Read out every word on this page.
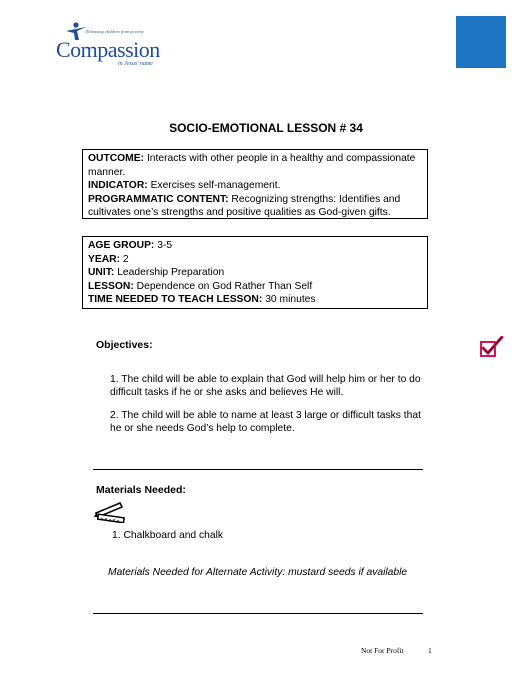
Releasing children from poverty
Compassion
in Jesus' name
SOCIO-EMOTIONAL LESSON # 34

OUTCOME: Interacts with other people in a healthy and compassionate manner.

INDICATOR: Exercises self-management.

PROGRAMMATIC CONTENT: Recognizing strengths: Identifies and cultivates one’s strengths and positive qualities as God-given gifts.

AGE GROUP: 3-5

YEAR: 2

UNIT: Leadership Preparation

LESSON: Dependence on God Rather Than Self

TIME NEEDED TO TEACH LESSON: 30 minutes

Objectives:
1. The child will be able to explain that God will help him or her to do difficult tasks if he or she asks and believes He will.
2. The child will be able to name at least 3 large or difficult tasks that he or she needs God’s help to complete.
Materials Needed:
1. Chalkboard and chalk
Materials Needed for Alternate Activity: mustard seeds if available
Not For Profit	1
